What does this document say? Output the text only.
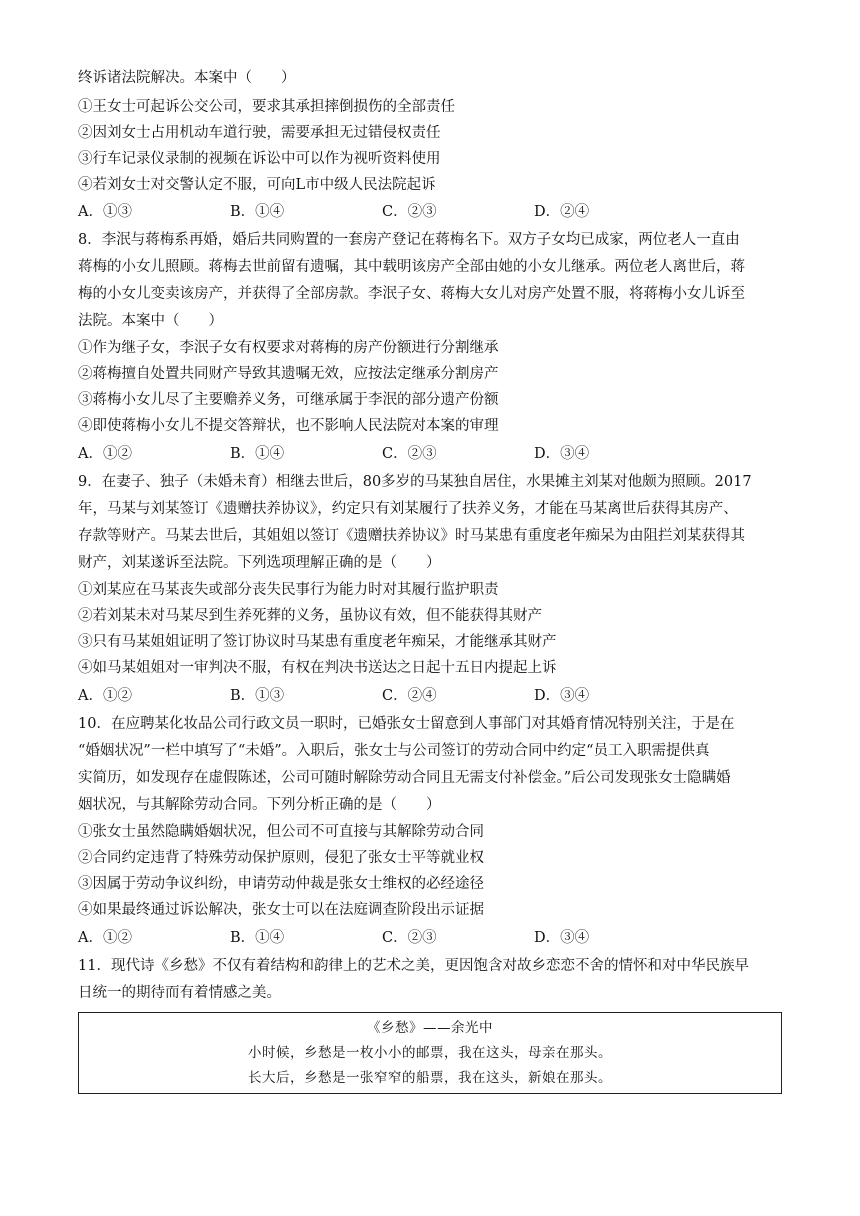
终诉诸法院解决。本案中（　　）
①王女士可起诉公交公司，要求其承担摔倒损伤的全部责任
②因刘女士占用机动车道行驶，需要承担无过错侵权责任
③行车记录仪录制的视频在诉讼中可以作为视听资料使用
④若刘女士对交警认定不服，可向L市中级人民法院起诉
A．①③	B．①④	C．②③	D．②④
8．李泯与蒋梅系再婚，婚后共同购置的一套房产登记在蒋梅名下。双方子女均已成家，两位老人一直由
蒋梅的小女儿照顾。蒋梅去世前留有遗嘱，其中载明该房产全部由她的小女儿继承。两位老人离世后，蒋
梅的小女儿变卖该房产，并获得了全部房款。李泯子女、蒋梅大女儿对房产处置不服，将蒋梅小女儿诉至
法院。本案中（　　）
①作为继子女，李泯子女有权要求对蒋梅的房产份额进行分割继承
②蒋梅擅自处置共同财产导致其遗嘱无效，应按法定继承分割房产
③蒋梅小女儿尽了主要赡养义务，可继承属于李泯的部分遗产份额
④即使蒋梅小女儿不提交答辩状，也不影响人民法院对本案的审理
A．①②	B．①④	C．②③	D．③④
9．在妻子、独子（未婚未育）相继去世后，80多岁的马某独自居住，水果摊主刘某对他颇为照顾。2017
年，马某与刘某签订《遗赠扶养协议》，约定只有刘某履行了扶养义务，才能在马某离世后获得其房产、
存款等财产。马某去世后，其姐姐以签订《遗赠扶养协议》时马某患有重度老年痴呆为由阻拦刘某获得其
财产，刘某遂诉至法院。下列选项理解正确的是（　　）
①刘某应在马某丧失或部分丧失民事行为能力时对其履行监护职责
②若刘某未对马某尽到生养死葬的义务，虽协议有效，但不能获得其财产
③只有马某姐姐证明了签订协议时马某患有重度老年痴呆，才能继承其财产
④如马某姐姐对一审判决不服，有权在判决书送达之日起十五日内提起上诉
A．①②	B．①③	C．②④	D．③④
10．在应聘某化妆品公司行政文员一职时，已婚张女士留意到人事部门对其婚育情况特别关注，于是在
“婚姻状况”一栏中填写了“未婚”。入职后，张女士与公司签订的劳动合同中约定“员工入职需提供真
实简历，如发现存在虚假陈述，公司可随时解除劳动合同且无需支付补偿金。”后公司发现张女士隐瞒婚
姻状况，与其解除劳动合同。下列分析正确的是（　　）
①张女士虽然隐瞒婚姻状况，但公司不可直接与其解除劳动合同
②合同约定违背了特殊劳动保护原则，侵犯了张女士平等就业权
③因属于劳动争议纠纷，申请劳动仲裁是张女士维权的必经途径
④如果最终通过诉讼解决，张女士可以在法庭调查阶段出示证据
A．①②	B．①④	C．②③	D．③④
11．现代诗《乡愁》不仅有着结构和韵律上的艺术之美，更因饱含对故乡恋恋不舍的情怀和对中华民族早
日统一的期待而有着情感之美。
《乡愁》——余光中
小时候，乡愁是一枚小小的邮票，我在这头，母亲在那头。
长大后，乡愁是一张窄窄的船票，我在这头，新娘在那头。
